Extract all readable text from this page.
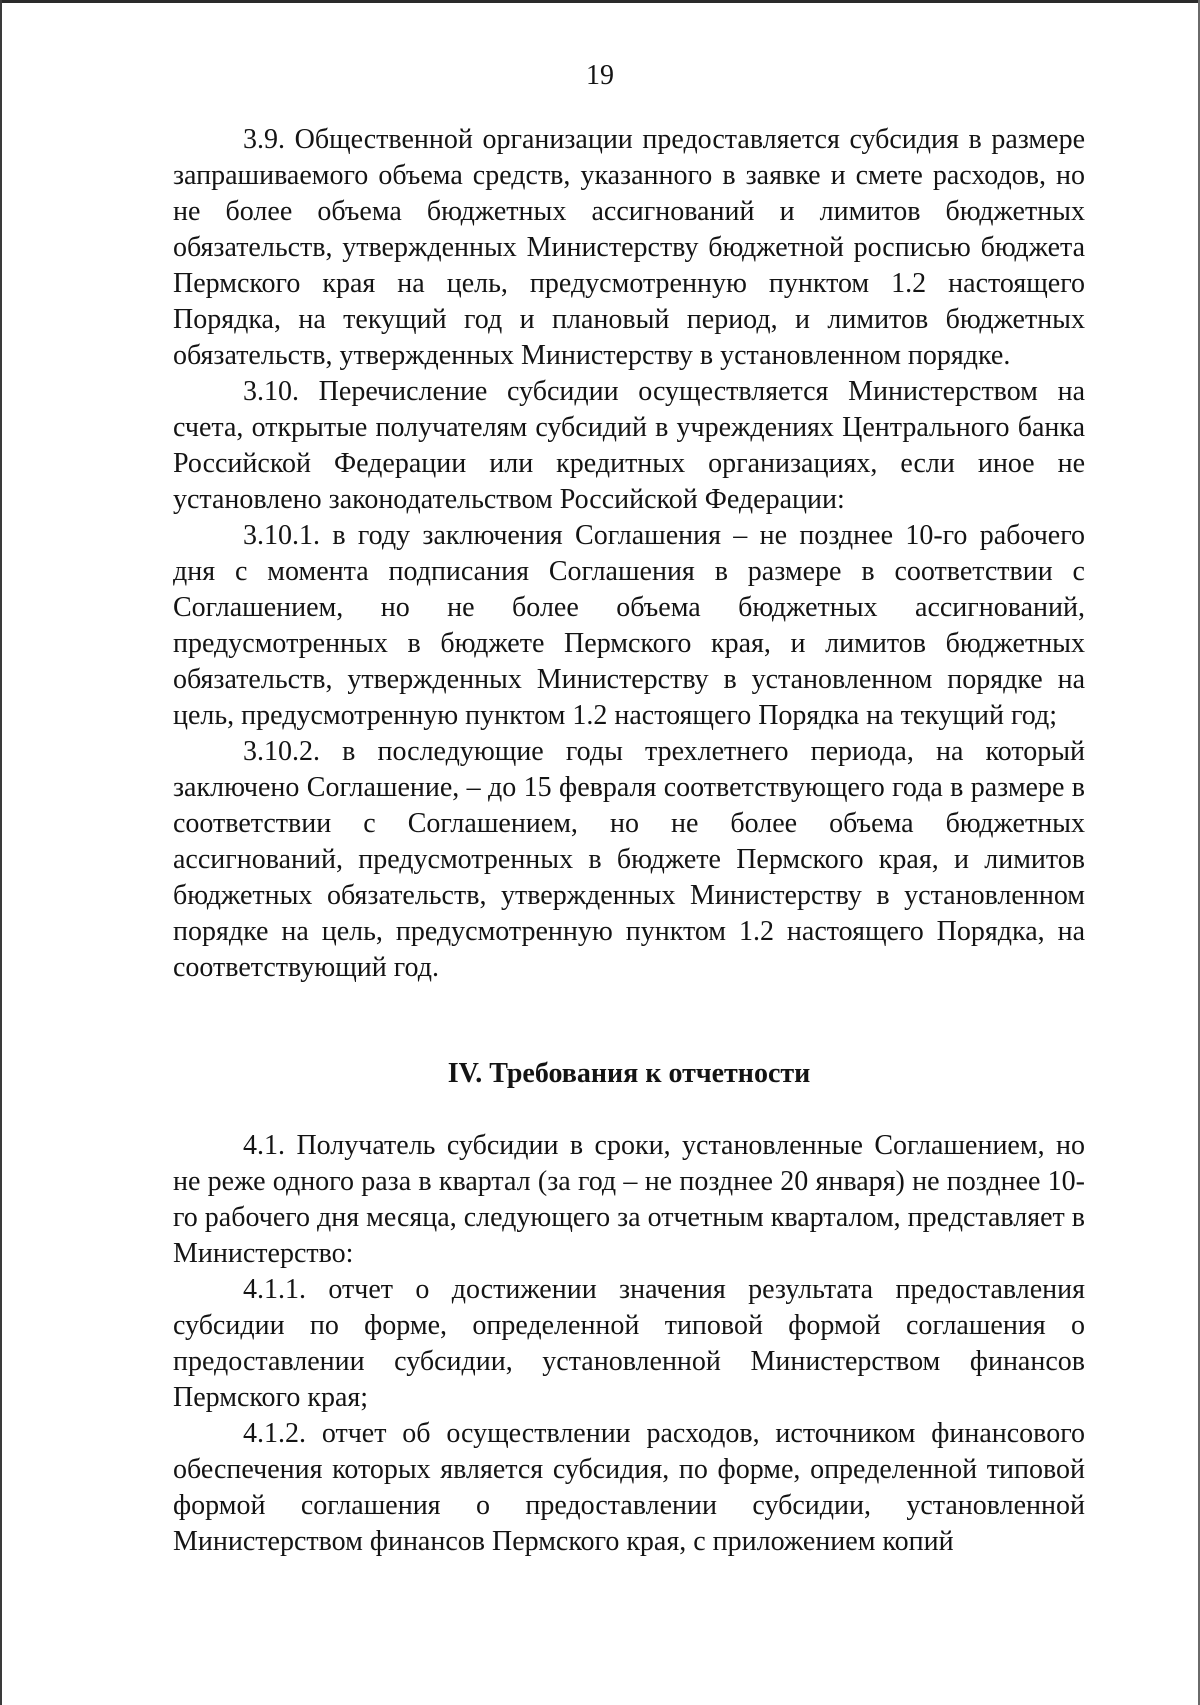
19

3.9. Общественной организации предоставляется субсидия в размере запрашиваемого объема средств, указанного в заявке и смете расходов, но не более объема бюджетных ассигнований и лимитов бюджетных обязательств, утвержденных Министерству бюджетной росписью бюджета Пермского края на цель, предусмотренную пунктом 1.2 настоящего Порядка, на текущий год и плановый период, и лимитов бюджетных обязательств, утвержденных Министерству в установленном порядке.

3.10. Перечисление субсидии осуществляется Министерством на счета, открытые получателям субсидий в учреждениях Центрального банка Российской Федерации или кредитных организациях, если иное не установлено законодательством Российской Федерации:

3.10.1. в году заключения Соглашения – не позднее 10-го рабочего дня с момента подписания Соглашения в размере в соответствии с Соглашением, но не более объема бюджетных ассигнований, предусмотренных в бюджете Пермского края, и лимитов бюджетных обязательств, утвержденных Министерству в установленном порядке на цель, предусмотренную пунктом 1.2 настоящего Порядка на текущий год;

3.10.2. в последующие годы трехлетнего периода, на который заключено Соглашение, – до 15 февраля соответствующего года в размере в соответствии с Соглашением, но не более объема бюджетных ассигнований, предусмотренных в бюджете Пермского края, и лимитов бюджетных обязательств, утвержденных Министерству в установленном порядке на цель, предусмотренную пунктом 1.2 настоящего Порядка, на соответствующий год.

IV. Требования к отчетности

4.1. Получатель субсидии в сроки, установленные Соглашением, но не реже одного раза в квартал (за год – не позднее 20 января) не позднее 10-го рабочего дня месяца, следующего за отчетным кварталом, представляет в Министерство:

4.1.1. отчет о достижении значения результата предоставления субсидии по форме, определенной типовой формой соглашения о предоставлении субсидии, установленной Министерством финансов Пермского края;

4.1.2. отчет об осуществлении расходов, источником финансового обеспечения которых является субсидия, по форме, определенной типовой формой соглашения о предоставлении субсидии, установленной Министерством финансов Пермского края, с приложением копий
